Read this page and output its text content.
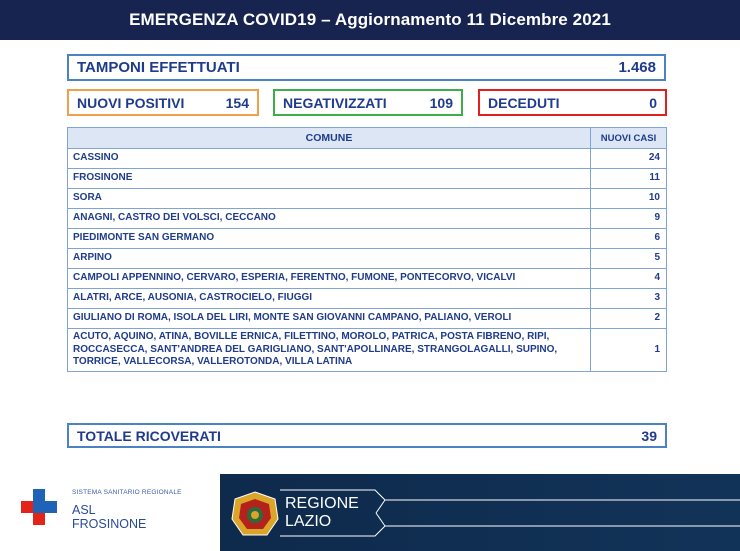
EMERGENZA COVID19 – Aggiornamento 11 Dicembre 2021
TAMPONI EFFETTUATI	1.468
NUOVI POSITIVI	154 NEGATIVIZZATI	109	DECEDUTI	0
COMUNE	NUOVI CASI
CASSINO	24
FROSINONE	11
SORA	10
ANAGNI, CASTRO DEI VOLSCI, CECCANO	9
PIEDIMONTE SAN GERMANO	6
ARPINO	5
CAMPOLI APPENNINO, CERVARO, ESPERIA, FERENTNO, FUMONE, PONTECORVO, VICALVI	4
ALATRI, ARCE, AUSONIA, CASTROCIELO, FIUGGI	3
GIULIANO DI ROMA, ISOLA DEL LIRI, MONTE SAN GIOVANNI CAMPANO, PALIANO, VEROLI	2
ACUTO, AQUINO, ATINA, BOVILLE ERNICA, FILETTINO, MOROLO, PATRICA, POSTA FIBRENO, RIPI, ROCCASECCA, SANT'ANDREA DEL GARIGLIANO, SANT'APOLLINARE, STRANGOLAGALLI, SUPINO, TORRICE, VALLECORSA, VALLEROTONDA, VILLA LATINA	1
TOTALE RICOVERATI	39
SISTEMA SANITARIO REGIONALE
ASL
FROSINONE
REGIONE
LAZIO
